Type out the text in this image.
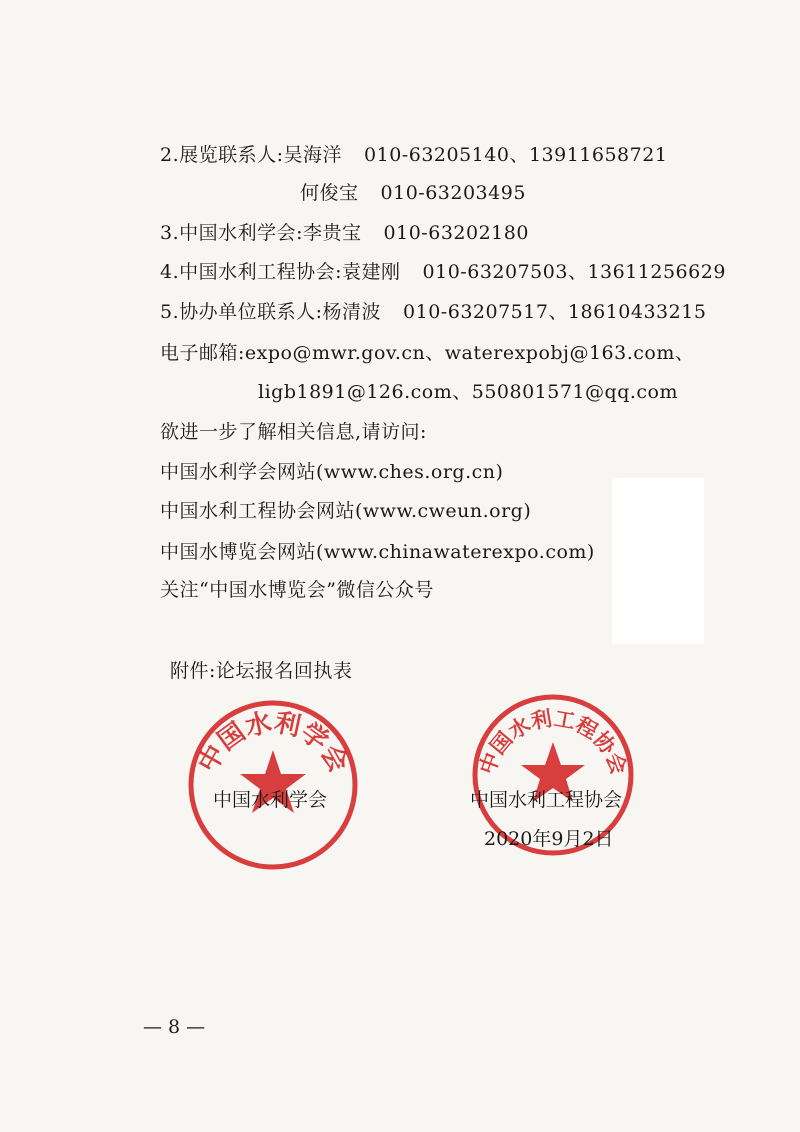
2.展览联系人:吴海洋 010-63205140、13911658721
何俊宝 010-63203495
3.中国水利学会:李贵宝 010-63202180
4.中国水利工程协会:袁建刚 010-63207503、13611256629
5.协办单位联系人:杨清波 010-63207517、18610433215
电子邮箱:expo@mwr.gov.cn、waterexpobj@163.com、
ligb1891@126.com、550801571@qq.com
欲进一步了解相关信息,请访问:
中国水利学会网站(www.ches.org.cn)
中国水利工程协会网站(www.cweun.org)
中国水博览会网站(www.chinawaterexpo.com)
关注“中国水博览会”微信公众号
附件:论坛报名回执表
中国水利学会	中国水利工程协会
中国水利学会	中国水利工程协会
2020年9月2日
— 8 —
